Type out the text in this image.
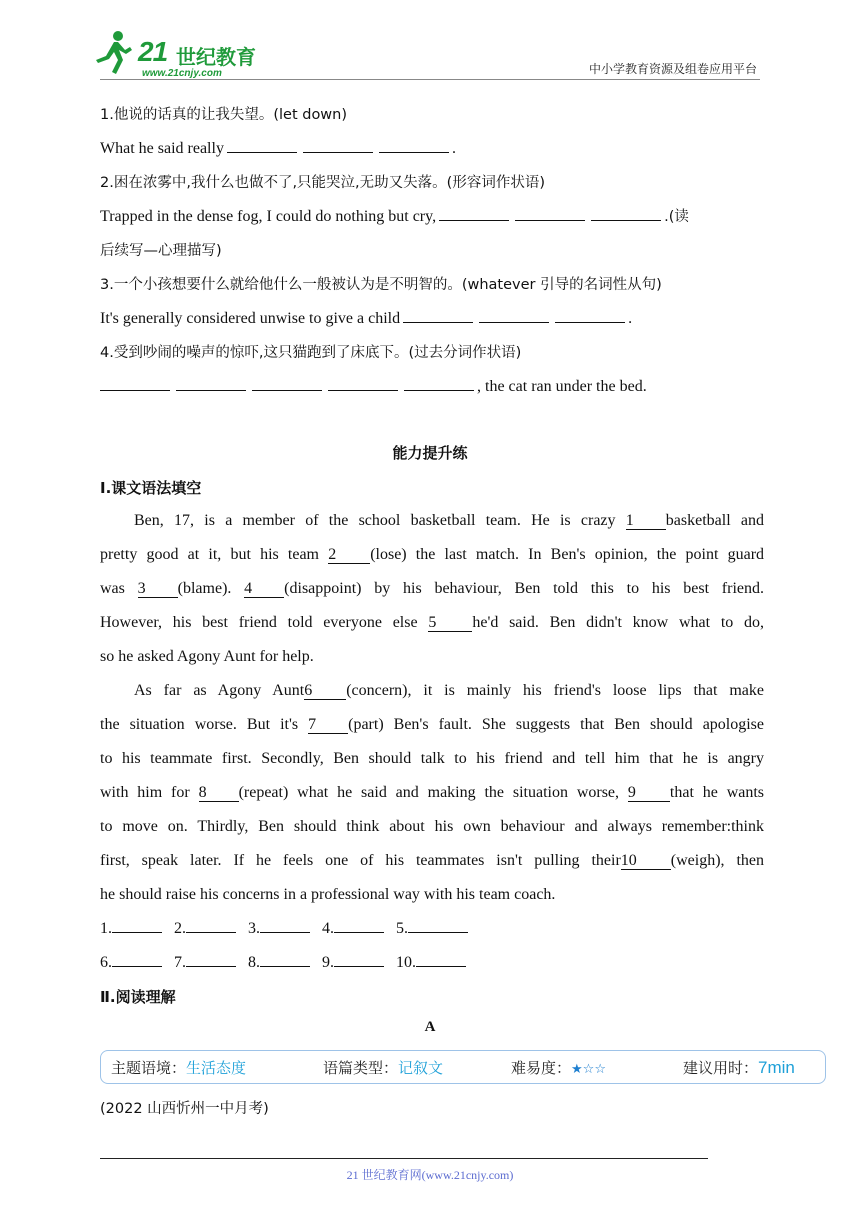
21 世纪教育
www.21cnjy.com	中小学教育资源及组卷应用平台
1.他说的话真的让我失望。(let down)
What he said really	.
2.困在浓雾中,我什么也做不了,只能哭泣,无助又失落。(形容词作状语)
Trapped in the dense fog, I could do nothing but cry,	.(读
后续写—心理描写)
3.一个小孩想要什么就给他什么一般被认为是不明智的。(whatever 引导的名词性从句)
It's generally considered unwise to give a child	.
4.受到吵闹的噪声的惊吓,这只猫跑到了床底下。(过去分词作状语)
, the cat ran under the bed.
能力提升练
Ⅰ.课文语法填空
Ben, 17, is a member of the school basketball team. He is crazy 1 basketball and
pretty good at it, but his team 2 (lose) the last match. In Ben's opinion, the point guard
was 3 (blame). 4 (disappoint) by his behaviour, Ben told this to his best friend.
However, his best friend told everyone else 5 he'd said. Ben didn't know what to do,
so he asked Agony Aunt for help.
As far as Agony Aunt6 (concern), it is mainly his friend's loose lips that make
the situation worse. But it's 7 (part) Ben's fault. She suggests that Ben should apologise
to his teammate first. Secondly, Ben should talk to his friend and tell him that he is angry
with him for 8 (repeat) what he said and making the situation worse, 9 that he wants
to move on. Thirdly, Ben should think about his own behaviour and always remember:think
first, speak later. If he feels one of his teammates isn't pulling their10 (weigh), then
he should raise his concerns in a professional way with his team coach.
1.	2.	3.	4.	5.
6.	7.	8.	9.	10.
Ⅱ.阅读理解
A
主题语境：生活态度	语篇类型：记叙文	难易度：★☆☆	建议用时：7min
(2022 山西忻州一中月考)
21 世纪教育网(www.21cnjy.com)
